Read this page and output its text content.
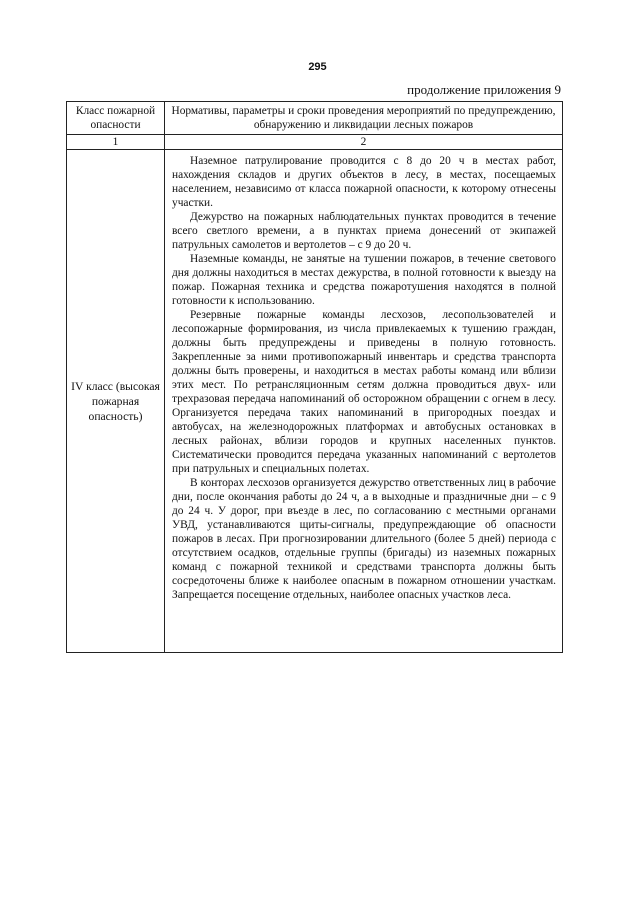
295
продолжение приложения 9
Класс пожарной опасности	Нормативы, параметры и сроки проведения мероприятий по предупреждению, обнаружению и ликвидации лесных пожаров
1	2
IV класс (высокая пожарная опасность)	Наземное патрулирование проводится с 8 до 20 ч в местах работ, нахождения складов и других объектов в лесу, в местах, посещаемых населением, независимо от класса пожарной опасности, к которому отнесены участки.

Дежурство на пожарных наблюдательных пунктах проводится в течение всего светлого времени, а в пунктах приема донесений от экипажей патрульных самолетов и вертолетов – с 9 до 20 ч.

Наземные команды, не занятые на тушении пожаров, в течение светового дня должны находиться в местах дежурства, в полной готовности к выезду на пожар. Пожарная техника и средства пожаротушения находятся в полной готовности к использованию.

Резервные пожарные команды лесхозов, лесопользователей и лесопожарные формирования, из числа привлекаемых к тушению граждан, должны быть предупреждены и приведены в полную готовность. Закрепленные за ними противопожарный инвентарь и средства транспорта должны быть проверены, и находиться в местах работы команд или вблизи этих мест. По ретрансляционным сетям должна проводиться двух- или трехразовая передача напоминаний об осторожном обращении с огнем в лесу. Организуется передача таких напоминаний в пригородных поездах и автобусах, на железнодорожных платформах и автобусных остановках в лесных районах, вблизи городов и крупных населенных пунктов. Систематически проводится передача указанных напоминаний с вертолетов при патрульных и специальных полетах.

В конторах лесхозов организуется дежурство ответственных лиц в рабочие дни, после окончания работы до 24 ч, а в выходные и праздничные дни – с 9 до 24 ч. У дорог, при въезде в лес, по согласованию с местными органами УВД, устанавливаются щиты-сигналы, предупреждающие об опасности пожаров в лесах. При прогнозировании длительного (более 5 дней) периода с отсутствием осадков, отдельные группы (бригады) из наземных пожарных команд с пожарной техникой и средствами транспорта должны быть сосредоточены ближе к наиболее опасным в пожарном отношении участкам. Запрещается посещение отдельных, наиболее опасных участков леса.
